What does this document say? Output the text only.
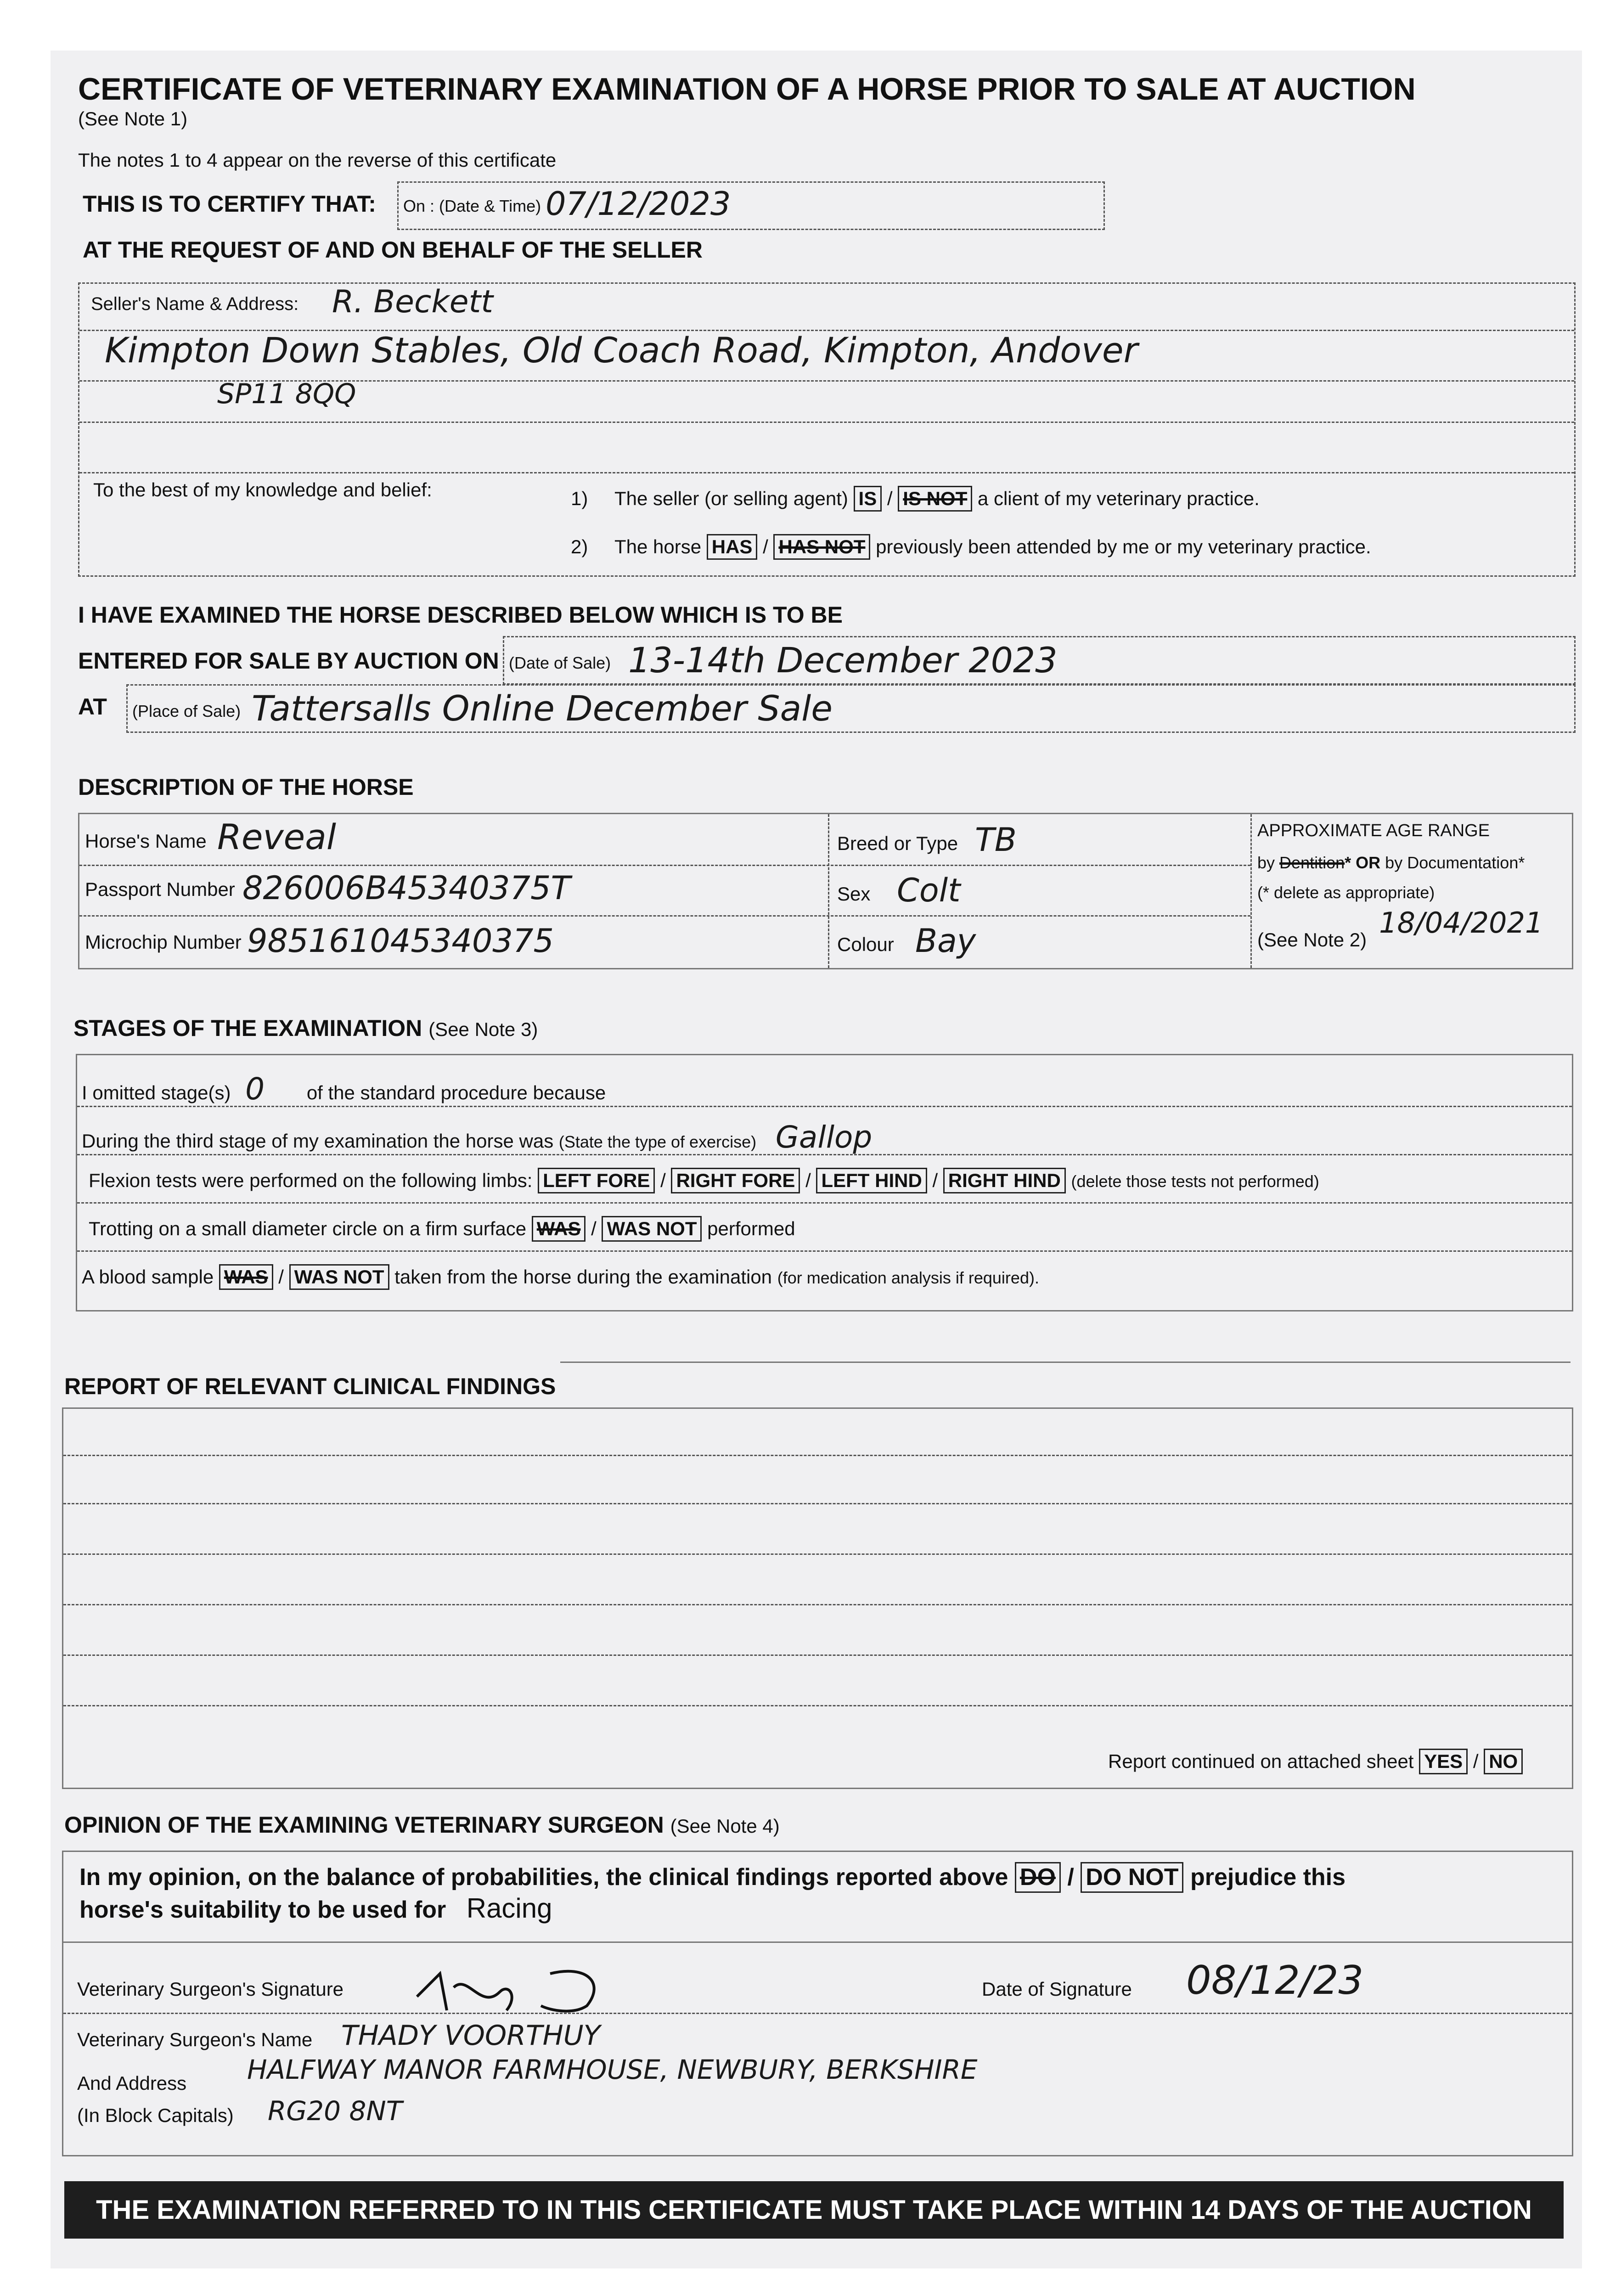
CERTIFICATE OF VETERINARY EXAMINATION OF A HORSE PRIOR TO SALE AT AUCTION
(See Note 1)
The notes 1 to 4 appear on the reverse of this certificate
THIS IS TO CERTIFY THAT: On : (Date & Time) 07/12/2023
AT THE REQUEST OF AND ON BEHALF OF THE SELLER
Seller's Name & Address: R. Beckett
Kimpton Down Stables, Old Coach Road, Kimpton, Andover
SP11 8QQ
To the best of my knowledge and belief:	1) The seller (or selling agent) IS / IS NOT a client of my veterinary practice.
2) The horse HAS / HAS NOT previously been attended by me or my veterinary practice.
I HAVE EXAMINED THE HORSE DESCRIBED BELOW WHICH IS TO BE
ENTERED FOR SALE BY AUCTION ON (Date of Sale) 13-14th December 2023
AT (Place of Sale) Tattersalls Online December Sale
DESCRIPTION OF THE HORSE
Horse's Name Reveal
Passport Number 826006B45340375T
Microchip Number 985161045340375
Breed or Type TB
Sex Colt
Colour Bay
APPROXIMATE AGE RANGE
by Dentition* OR by Documentation*
(* delete as appropriate)
(See Note 2)
18/04/2021
STAGES OF THE EXAMINATION (See Note 3)
I omitted stage(s) 0 of the standard procedure because
During the third stage of my examination the horse was (State the type of exercise) Gallop
Flexion tests were performed on the following limbs: LEFT FORE / RIGHT FORE / LEFT HIND / RIGHT HIND (delete those tests not performed)
Trotting on a small diameter circle on a firm surface WAS / WAS NOT performed
A blood sample WAS / WAS NOT taken from the horse during the examination (for medication analysis if required).
REPORT OF RELEVANT CLINICAL FINDINGS
Report continued on attached sheet YES / NO
OPINION OF THE EXAMINING VETERINARY SURGEON (See Note 4)
In my opinion, on the balance of probabilities, the clinical findings reported above DO / DO NOT prejudice this
horse's suitability to be used for Racing
Veterinary Surgeon's Signature	Date of Signature 08/12/23
Veterinary Surgeon's Name THADY VOORTHUY
And Address
(In Block Capitals)
HALFWAY MANOR FARMHOUSE, NEWBURY, BERKSHIRE
RG20 8NT
THE EXAMINATION REFERRED TO IN THIS CERTIFICATE MUST TAKE PLACE WITHIN 14 DAYS OF THE AUCTION
